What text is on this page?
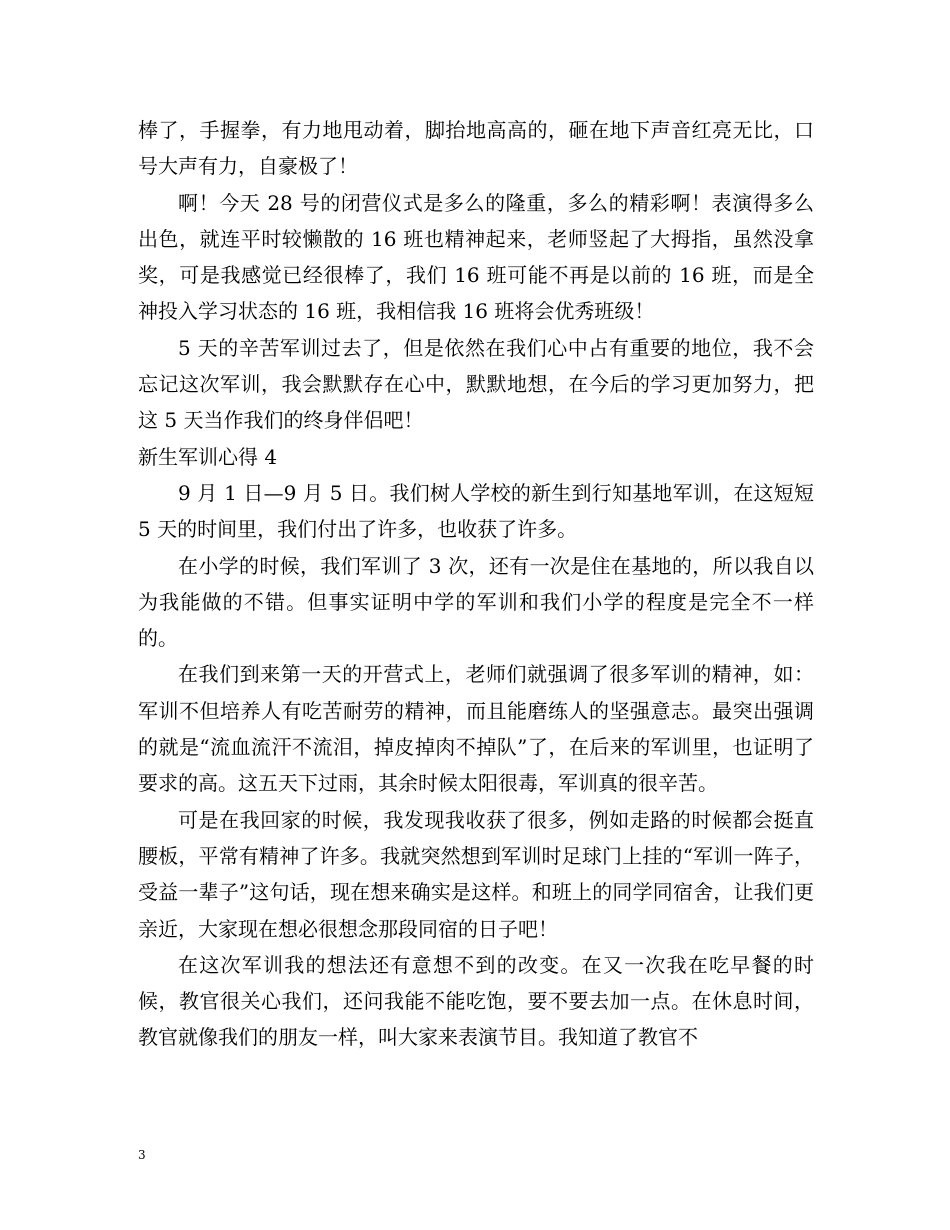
棒了，手握拳，有力地甩动着，脚抬地高高的，砸在地下声音红亮无比，口号大声有力，自豪极了！

啊！今天 28 号的闭营仪式是多么的隆重，多么的精彩啊！表演得多么出色，就连平时较懒散的 16 班也精神起来，老师竖起了大拇指，虽然没拿奖，可是我感觉已经很棒了，我们 16 班可能不再是以前的 16 班，而是全神投入学习状态的 16 班，我相信我 16 班将会优秀班级！

5 天的辛苦军训过去了，但是依然在我们心中占有重要的地位，我不会忘记这次军训，我会默默存在心中，默默地想，在今后的学习更加努力，把这 5 天当作我们的终身伴侣吧！

新生军训心得 4

9 月 1 日—9 月 5 日。我们树人学校的新生到行知基地军训，在这短短 5 天的时间里，我们付出了许多，也收获了许多。

在小学的时候，我们军训了 3 次，还有一次是住在基地的，所以我自以为我能做的不错。但事实证明中学的军训和我们小学的程度是完全不一样的。

在我们到来第一天的开营式上，老师们就强调了很多军训的精神，如：军训不但培养人有吃苦耐劳的精神，而且能磨练人的坚强意志。最突出强调的就是“流血流汗不流泪，掉皮掉肉不掉队”了，在后来的军训里，也证明了要求的高。这五天下过雨，其余时候太阳很毒，军训真的很辛苦。

可是在我回家的时候，我发现我收获了很多，例如走路的时候都会挺直腰板，平常有精神了许多。我就突然想到军训时足球门上挂的“军训一阵子，受益一辈子”这句话，现在想来确实是这样。和班上的同学同宿舍，让我们更亲近，大家现在想必很想念那段同宿的日子吧！

在这次军训我的想法还有意想不到的改变。在又一次我在吃早餐的时候，教官很关心我们，还问我能不能吃饱，要不要去加一点。在休息时间，教官就像我们的朋友一样，叫大家来表演节目。我知道了教官不

3
